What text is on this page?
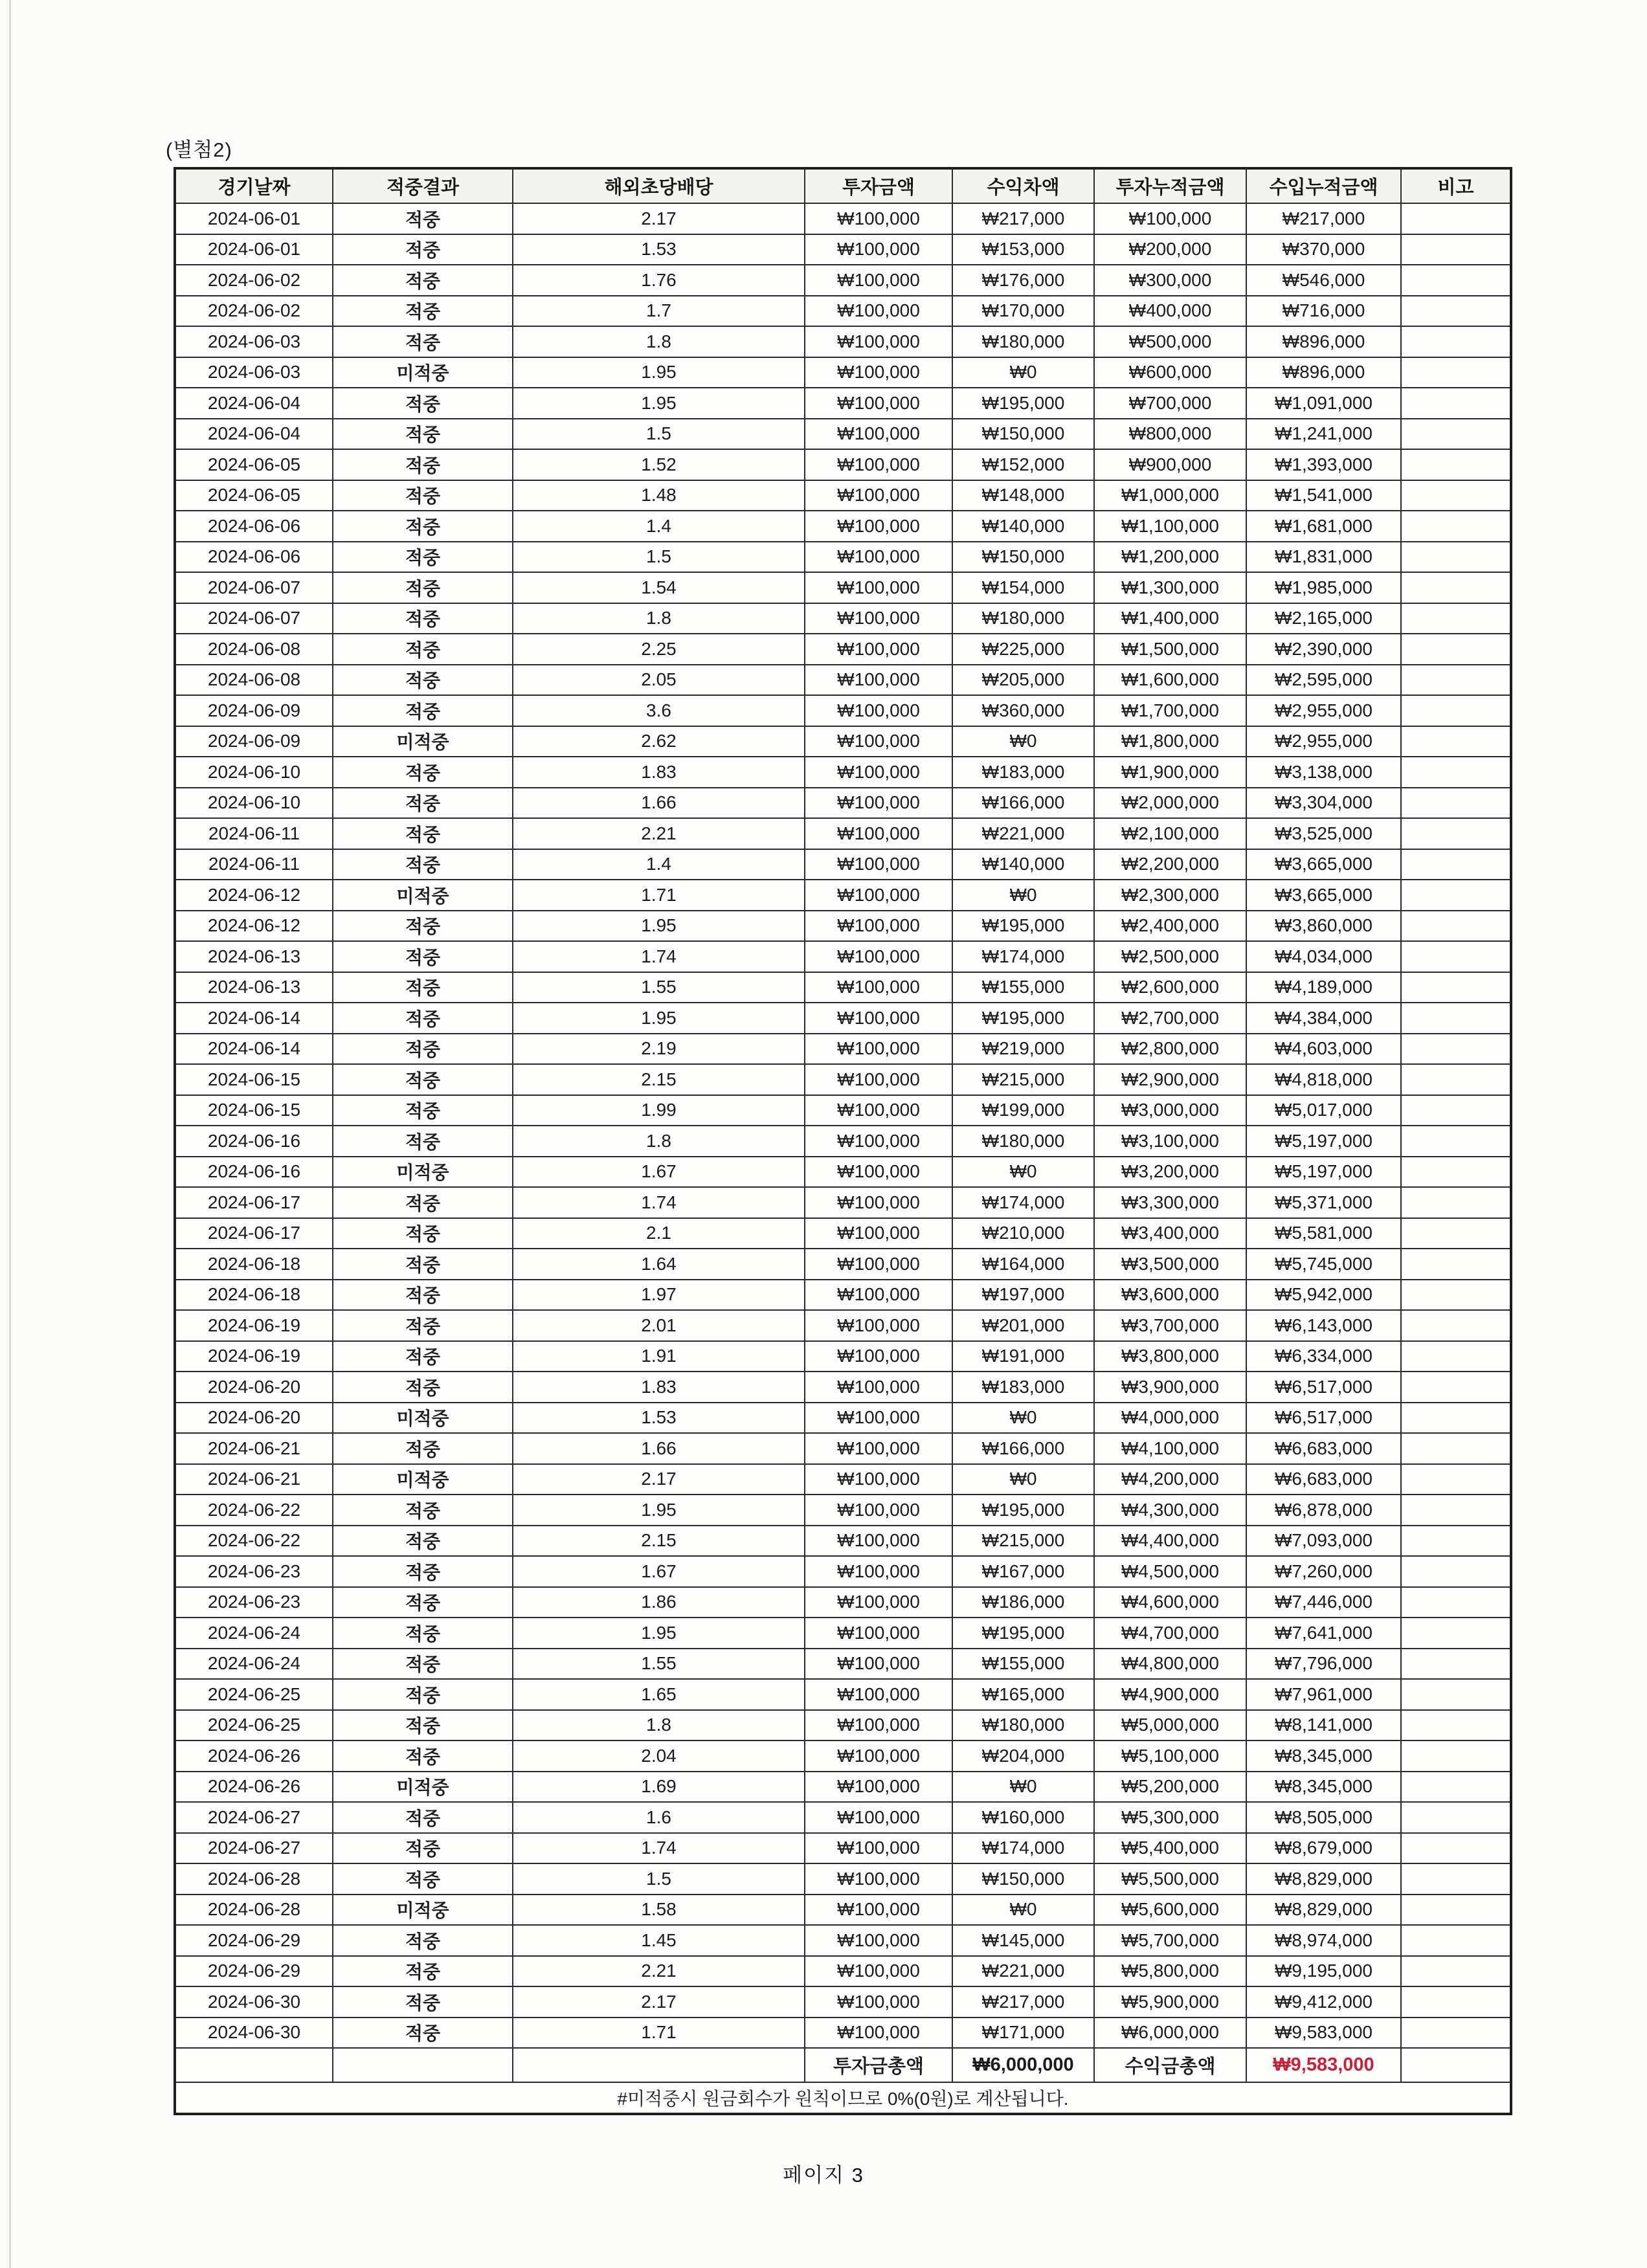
(별첨2)
경기날짜	적중결과	해외초당배당	투자금액	수익차액	투자누적금액	수입누적금액	비고
2024-06-01	적중	2.17	₩100,000	₩217,000	₩100,000	₩217,000	
2024-06-01	적중	1.53	₩100,000	₩153,000	₩200,000	₩370,000	
2024-06-02	적중	1.76	₩100,000	₩176,000	₩300,000	₩546,000	
2024-06-02	적중	1.7	₩100,000	₩170,000	₩400,000	₩716,000	
2024-06-03	적중	1.8	₩100,000	₩180,000	₩500,000	₩896,000	
2024-06-03	미적중	1.95	₩100,000	₩0	₩600,000	₩896,000	
2024-06-04	적중	1.95	₩100,000	₩195,000	₩700,000	₩1,091,000	
2024-06-04	적중	1.5	₩100,000	₩150,000	₩800,000	₩1,241,000	
2024-06-05	적중	1.52	₩100,000	₩152,000	₩900,000	₩1,393,000	
2024-06-05	적중	1.48	₩100,000	₩148,000	₩1,000,000	₩1,541,000	
2024-06-06	적중	1.4	₩100,000	₩140,000	₩1,100,000	₩1,681,000	
2024-06-06	적중	1.5	₩100,000	₩150,000	₩1,200,000	₩1,831,000	
2024-06-07	적중	1.54	₩100,000	₩154,000	₩1,300,000	₩1,985,000	
2024-06-07	적중	1.8	₩100,000	₩180,000	₩1,400,000	₩2,165,000	
2024-06-08	적중	2.25	₩100,000	₩225,000	₩1,500,000	₩2,390,000	
2024-06-08	적중	2.05	₩100,000	₩205,000	₩1,600,000	₩2,595,000	
2024-06-09	적중	3.6	₩100,000	₩360,000	₩1,700,000	₩2,955,000	
2024-06-09	미적중	2.62	₩100,000	₩0	₩1,800,000	₩2,955,000	
2024-06-10	적중	1.83	₩100,000	₩183,000	₩1,900,000	₩3,138,000	
2024-06-10	적중	1.66	₩100,000	₩166,000	₩2,000,000	₩3,304,000	
2024-06-11	적중	2.21	₩100,000	₩221,000	₩2,100,000	₩3,525,000	
2024-06-11	적중	1.4	₩100,000	₩140,000	₩2,200,000	₩3,665,000	
2024-06-12	미적중	1.71	₩100,000	₩0	₩2,300,000	₩3,665,000	
2024-06-12	적중	1.95	₩100,000	₩195,000	₩2,400,000	₩3,860,000	
2024-06-13	적중	1.74	₩100,000	₩174,000	₩2,500,000	₩4,034,000	
2024-06-13	적중	1.55	₩100,000	₩155,000	₩2,600,000	₩4,189,000	
2024-06-14	적중	1.95	₩100,000	₩195,000	₩2,700,000	₩4,384,000	
2024-06-14	적중	2.19	₩100,000	₩219,000	₩2,800,000	₩4,603,000	
2024-06-15	적중	2.15	₩100,000	₩215,000	₩2,900,000	₩4,818,000	
2024-06-15	적중	1.99	₩100,000	₩199,000	₩3,000,000	₩5,017,000	
2024-06-16	적중	1.8	₩100,000	₩180,000	₩3,100,000	₩5,197,000	
2024-06-16	미적중	1.67	₩100,000	₩0	₩3,200,000	₩5,197,000	
2024-06-17	적중	1.74	₩100,000	₩174,000	₩3,300,000	₩5,371,000	
2024-06-17	적중	2.1	₩100,000	₩210,000	₩3,400,000	₩5,581,000	
2024-06-18	적중	1.64	₩100,000	₩164,000	₩3,500,000	₩5,745,000	
2024-06-18	적중	1.97	₩100,000	₩197,000	₩3,600,000	₩5,942,000	
2024-06-19	적중	2.01	₩100,000	₩201,000	₩3,700,000	₩6,143,000	
2024-06-19	적중	1.91	₩100,000	₩191,000	₩3,800,000	₩6,334,000	
2024-06-20	적중	1.83	₩100,000	₩183,000	₩3,900,000	₩6,517,000	
2024-06-20	미적중	1.53	₩100,000	₩0	₩4,000,000	₩6,517,000	
2024-06-21	적중	1.66	₩100,000	₩166,000	₩4,100,000	₩6,683,000	
2024-06-21	미적중	2.17	₩100,000	₩0	₩4,200,000	₩6,683,000	
2024-06-22	적중	1.95	₩100,000	₩195,000	₩4,300,000	₩6,878,000	
2024-06-22	적중	2.15	₩100,000	₩215,000	₩4,400,000	₩7,093,000	
2024-06-23	적중	1.67	₩100,000	₩167,000	₩4,500,000	₩7,260,000	
2024-06-23	적중	1.86	₩100,000	₩186,000	₩4,600,000	₩7,446,000	
2024-06-24	적중	1.95	₩100,000	₩195,000	₩4,700,000	₩7,641,000	
2024-06-24	적중	1.55	₩100,000	₩155,000	₩4,800,000	₩7,796,000	
2024-06-25	적중	1.65	₩100,000	₩165,000	₩4,900,000	₩7,961,000	
2024-06-25	적중	1.8	₩100,000	₩180,000	₩5,000,000	₩8,141,000	
2024-06-26	적중	2.04	₩100,000	₩204,000	₩5,100,000	₩8,345,000	
2024-06-26	미적중	1.69	₩100,000	₩0	₩5,200,000	₩8,345,000	
2024-06-27	적중	1.6	₩100,000	₩160,000	₩5,300,000	₩8,505,000	
2024-06-27	적중	1.74	₩100,000	₩174,000	₩5,400,000	₩8,679,000	
2024-06-28	적중	1.5	₩100,000	₩150,000	₩5,500,000	₩8,829,000	
2024-06-28	미적중	1.58	₩100,000	₩0	₩5,600,000	₩8,829,000	
2024-06-29	적중	1.45	₩100,000	₩145,000	₩5,700,000	₩8,974,000	
2024-06-29	적중	2.21	₩100,000	₩221,000	₩5,800,000	₩9,195,000	
2024-06-30	적중	2.17	₩100,000	₩217,000	₩5,900,000	₩9,412,000	
2024-06-30	적중	1.71	₩100,000	₩171,000	₩6,000,000	₩9,583,000	
			투자금총액	₩6,000,000	수익금총액	₩9,583,000	
#미적중시 원금회수가 원칙이므로 0%(0원)로 계산됩니다.							
페이지 3
